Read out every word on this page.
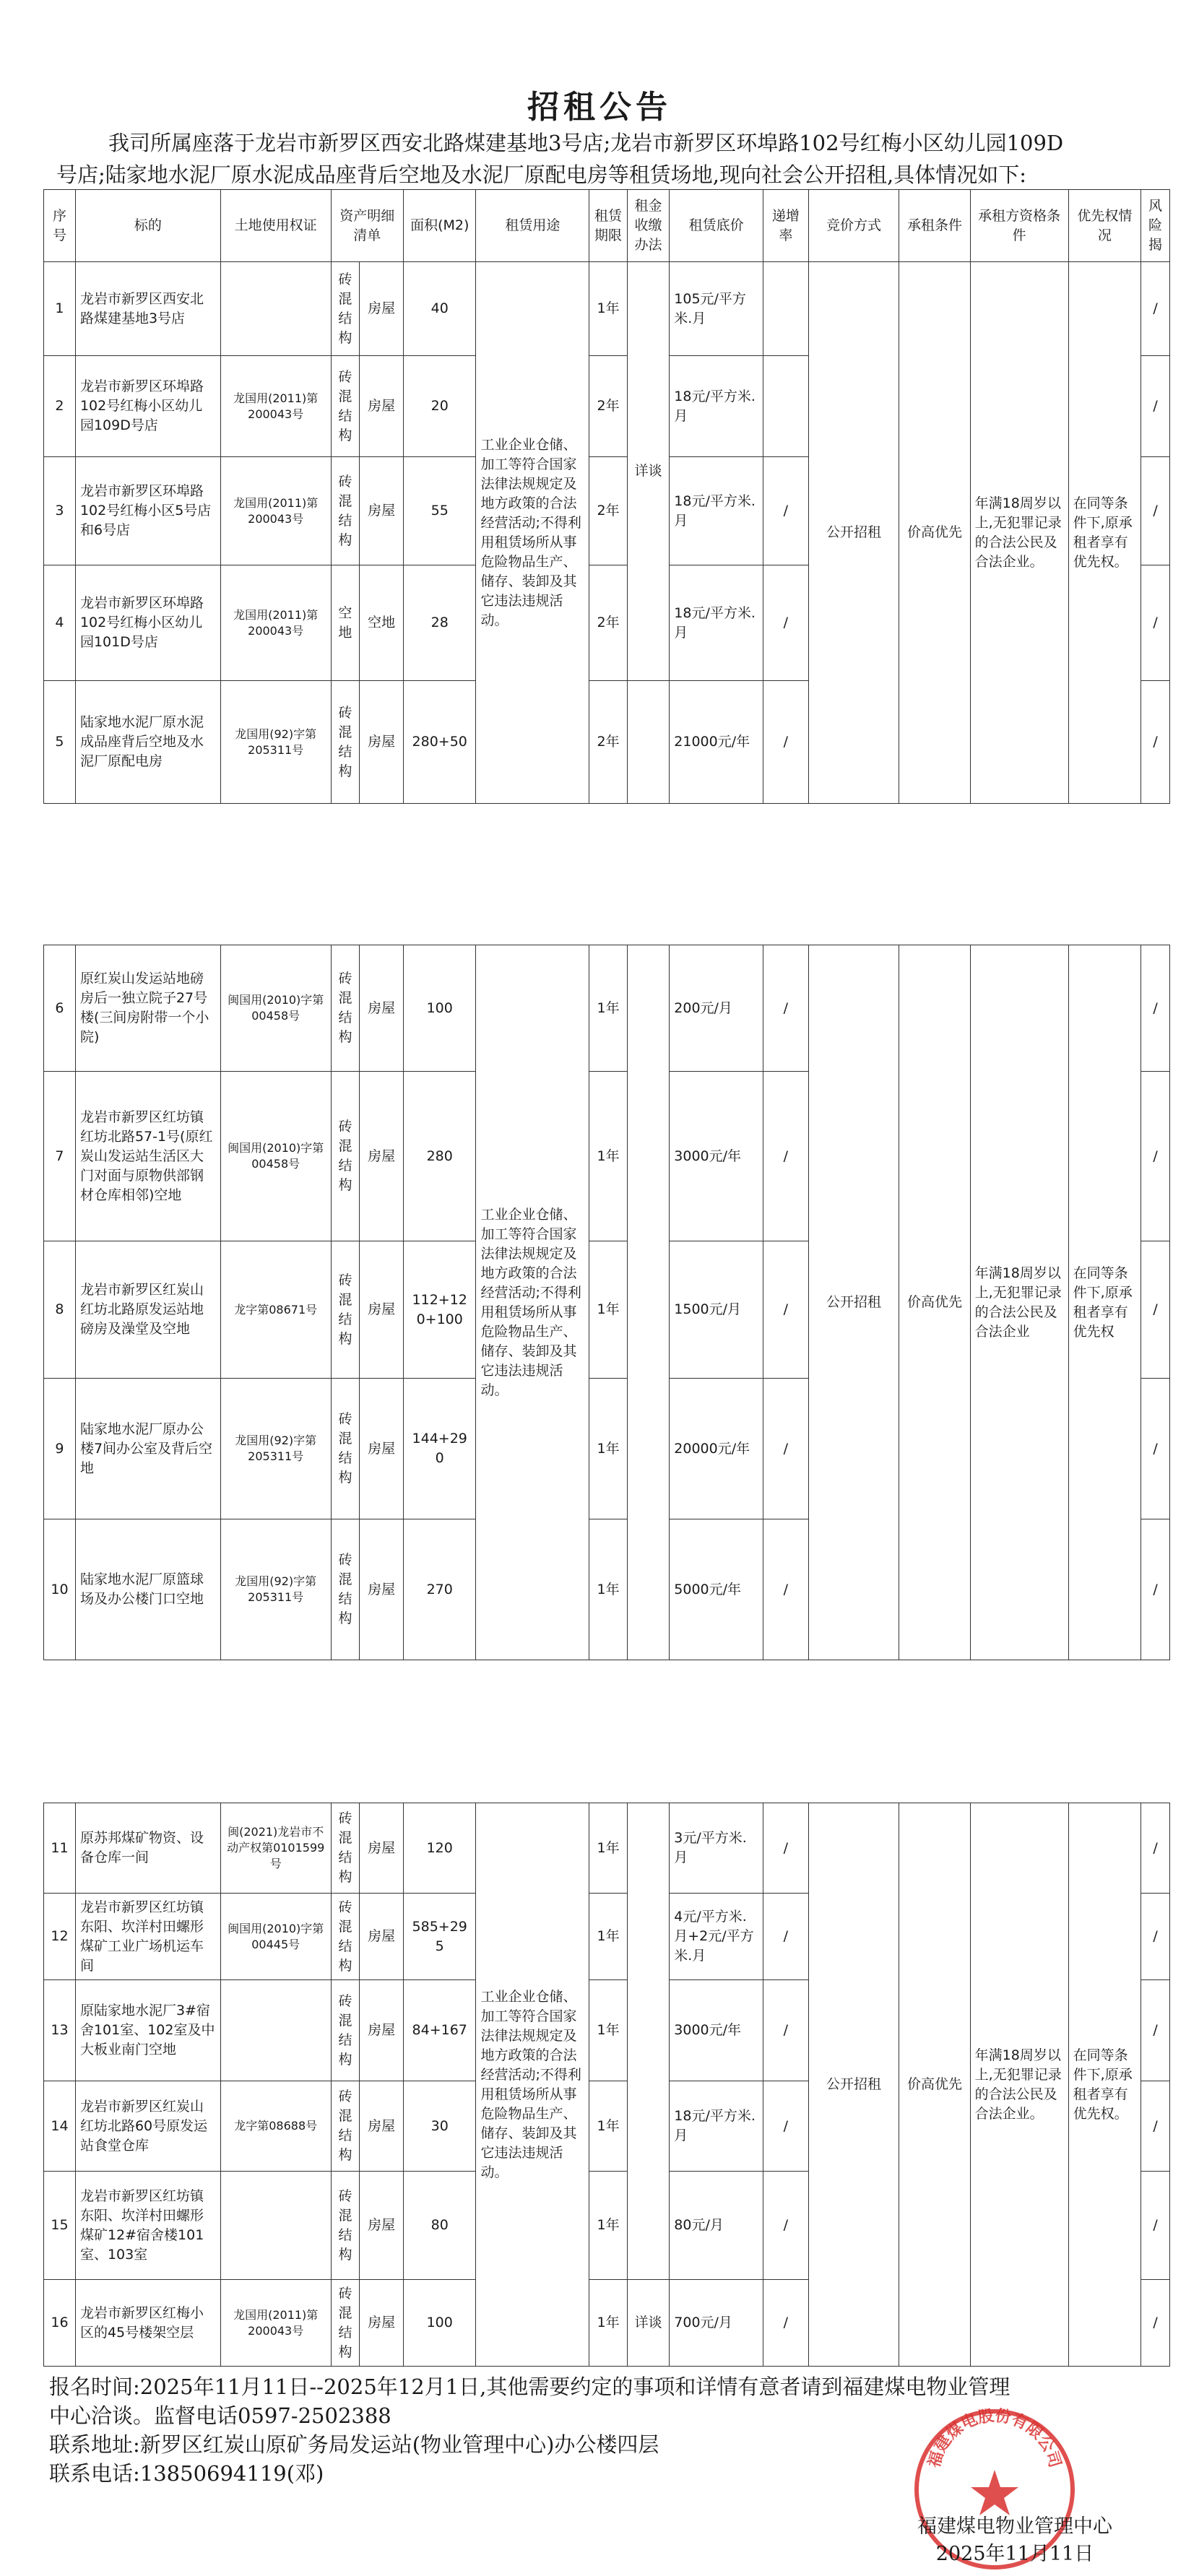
招租公告

我司所属座落于龙岩市新罗区西安北路煤建基地3号店;龙岩市新罗区环埠路102号红梅小区幼儿园109D

号店;陆家地水泥厂原水泥成品座背后空地及水泥厂原配电房等租赁场地,现向社会公开招租,具体情况如下:

序号	标的	土地使用权证	资产明细清单		面积(M2)	租赁用途	租赁期限	租金收缴办法	租赁底价	递增率	竞价方式	承租条件	承租方资格条件	优先权情况	风险揭
1	龙岩市新罗区西安北路煤建基地3号店		砖混结构	房屋	40	工业企业仓储、加工等符合国家法律法规规定及地方政策的合法经营活动;不得利用租赁场所从事危险物品生产、储存、装卸及其它违法违规活动。	1年	详谈	105元/平方米.月		公开招租	价高优先	年满18周岁以上,无犯罪记录的合法公民及合法企业。	在同等条件下,原承租者享有优先权。	/
2	龙岩市新罗区环埠路102号红梅小区幼儿园109D号店	龙国用(2011)第200043号	砖混结构	房屋	20		2年		18元/平方米.月						/
3	龙岩市新罗区环埠路102号红梅小区5号店和6号店	龙国用(2011)第200043号	砖混结构	房屋	55		2年		18元/平方米.月	/					/
4	龙岩市新罗区环埠路102号红梅小区幼儿园101D号店	龙国用(2011)第200043号	空地	空地	28		2年		18元/平方米.月	/					/
5	陆家地水泥厂原水泥成品座背后空地及水泥厂原配电房	龙国用(92)字第205311号	砖混结构	房屋	280+50		2年		21000元/年	/					/
6	原红炭山发运站地磅房后一独立院子27号楼(三间房附带一个小院)	闽国用(2010)字第00458号	砖混结构	房屋	100	工业企业仓储、加工等符合国家法律法规规定及地方政策的合法经营活动;不得利用租赁场所从事危险物品生产、储存、装卸及其它违法违规活动。	1年		200元/月	/	公开招租	价高优先	年满18周岁以上,无犯罪记录的合法公民及合法企业	在同等条件下,原承租者享有优先权	/
7	龙岩市新罗区红坊镇红坊北路57-1号(原红炭山发运站生活区大门对面与原物供部钢材仓库相邻)空地	闽国用(2010)字第00458号	砖混结构	房屋	280		1年		3000元/年	/					/
8	龙岩市新罗区红炭山红坊北路原发运站地磅房及澡堂及空地	龙字第08671号	砖混结构	房屋	112+120+100		1年		1500元/月	/					/
9	陆家地水泥厂原办公楼7间办公室及背后空地	龙国用(92)字第205311号	砖混结构	房屋	144+290		1年		20000元/年	/					/
10	陆家地水泥厂原篮球场及办公楼门口空地	龙国用(92)字第205311号	砖混结构	房屋	270		1年		5000元/年	/					/
11	原苏邦煤矿物资、设备仓库一间	闽(2021)龙岩市不动产权第0101599号	砖混结构	房屋	120	工业企业仓储、加工等符合国家法律法规规定及地方政策的合法经营活动;不得利用租赁场所从事危险物品生产、储存、装卸及其它违法违规活动。	1年		3元/平方米.月	/	公开招租	价高优先	年满18周岁以上,无犯罪记录的合法公民及合法企业。	在同等条件下,原承租者享有优先权。	/
12	龙岩市新罗区红坊镇东阳、坎洋村田螺形煤矿工业广场机运车间	闽国用(2010)字第00445号	砖混结构	房屋	585+295		1年		4元/平方米.月+2元/平方米.月	/					/
13	原陆家地水泥厂3#宿舍101室、102室及中大板业南门空地		砖混结构	房屋	84+167		1年		3000元/年	/					/
14	龙岩市新罗区红炭山红坊北路60号原发运站食堂仓库	龙字第08688号	砖混结构	房屋	30		1年		18元/平方米.月	/					/
15	龙岩市新罗区红坊镇东阳、坎洋村田螺形煤矿12#宿舍楼101室、103室		砖混结构	房屋	80		1年		80元/月	/					/
16	龙岩市新罗区红梅小区的45号楼架空层	龙国用(2011)第200043号	砖混结构	房屋	100		1年	详谈	700元/月	/					/

报名时间:2025年11月11日--2025年12月1日,其他需要约定的事项和详情有意者请到福建煤电物业管理

中心洽谈。监督电话0597-2502388

联系地址:新罗区红炭山原矿务局发运站(物业管理中心)办公楼四层

联系电话:13850694119(邓)

福建煤电股份有限公司
福建煤电物业管理中心
2025年11月11日
